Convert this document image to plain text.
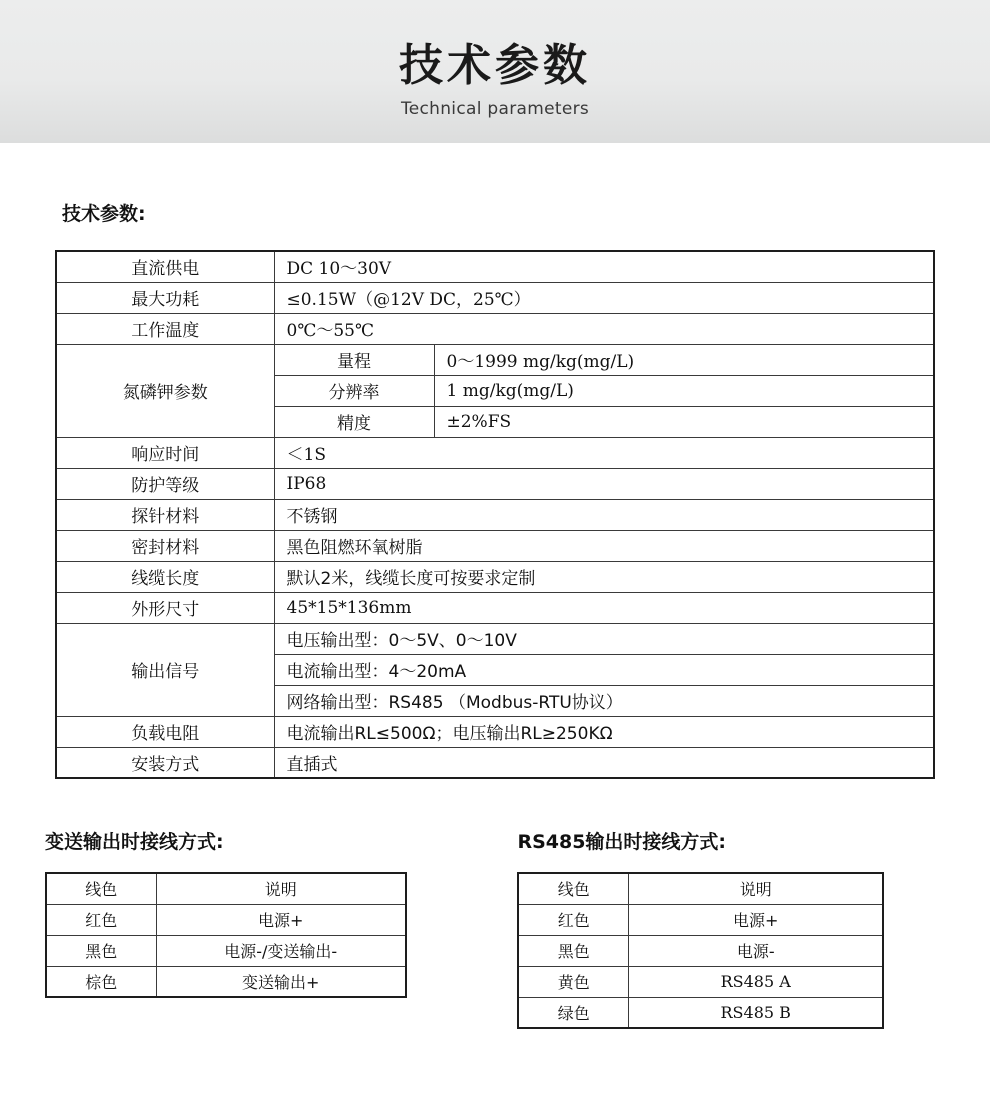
技术参数
Technical parameters
技术参数:
直流供电	DC 10～30V	
最大功耗	≤0.15W（@12V DC，25℃）	
工作温度	0℃～55℃	
氮磷钾参数	量程	0～1999 mg/kg(mg/L)
	分辨率	1 mg/kg(mg/L)
	精度	±2%FS
响应时间	＜1S	
防护等级	IP68	
探针材料	不锈钢	
密封材料	黑色阻燃环氧树脂	
线缆长度	默认2米，线缆长度可按要求定制	
外形尺寸	45*15*136mm	
输出信号	电压输出型：0～5V、0～10V	
	电流输出型：4～20mA	
	网络输出型：RS485 （Modbus-RTU协议）	
负载电阻	电流输出RL≤500Ω；电压输出RL≥250KΩ	
安装方式	直插式	
变送输出时接线方式:
线色	说明
红色	电源+
黑色	电源-/变送输出-
棕色	变送输出+

RS485输出时接线方式:
线色	说明
红色	电源+
黑色	电源-
黄色	RS485 A
绿色	RS485 B
